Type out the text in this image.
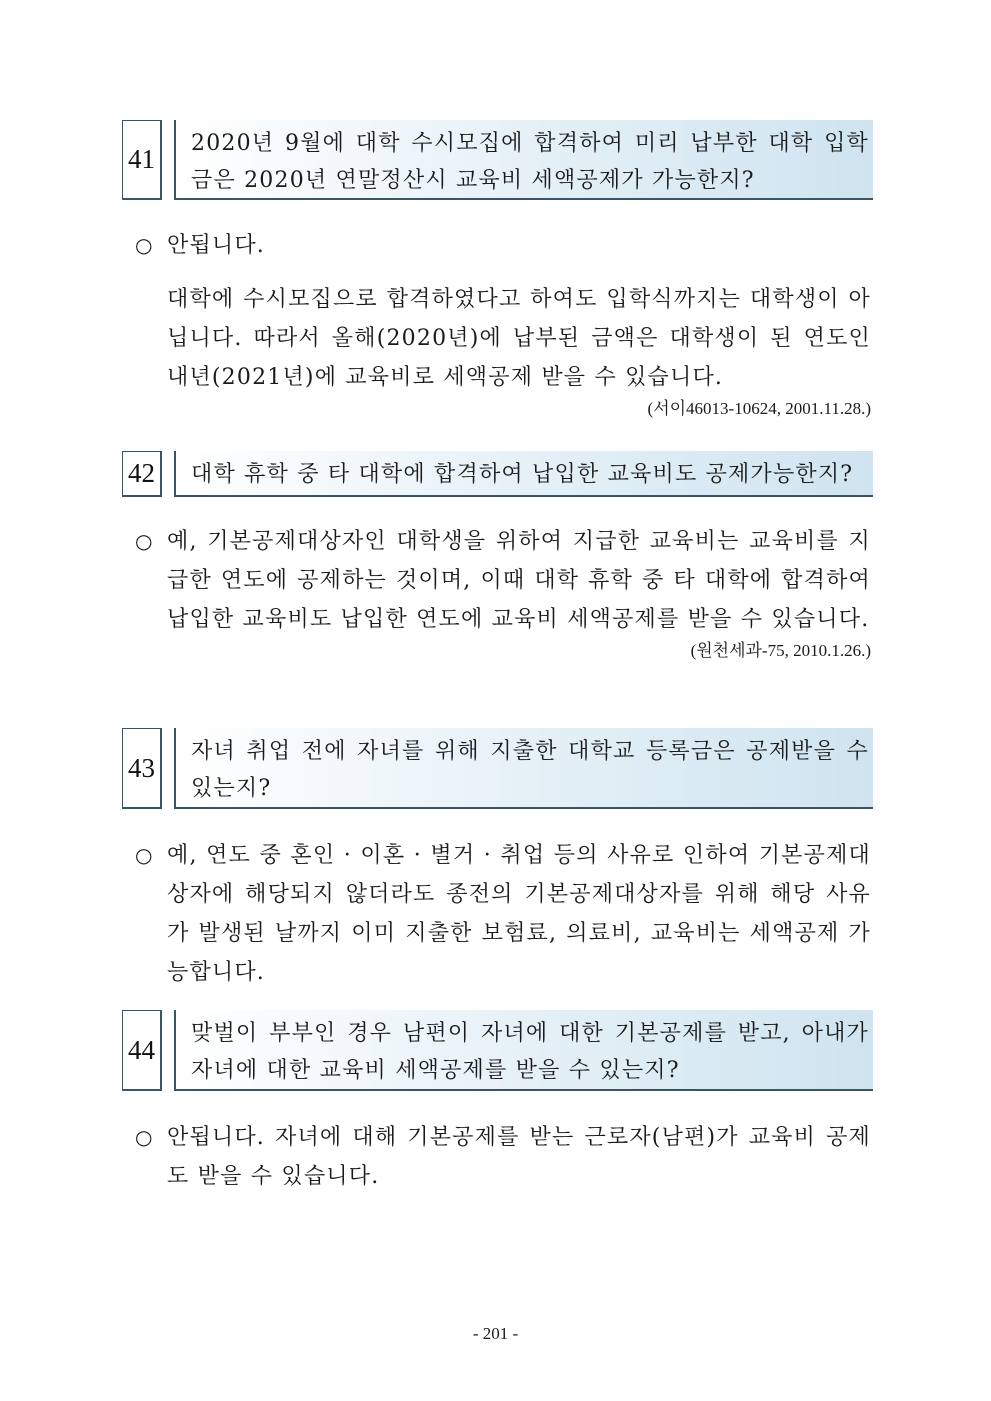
41
2020년 9월에 대학 수시모집에 합격하여 미리 납부한 대학 입학금은 2020년 연말정산시 교육비 세액공제가 가능한지?
○ 안됩니다.
대학에 수시모집으로 합격하였다고 하여도 입학식까지는 대학생이 아닙니다. 따라서 올해(2020년)에 납부된 금액은 대학생이 된 연도인 내년(2021년)에 교육비로 세액공제 받을 수 있습니다.
(서이46013-10624, 2001.11.28.)
42	대학 휴학 중 타 대학에 합격하여 납입한 교육비도 공제가능한지?
○ 예, 기본공제대상자인 대학생을 위하여 지급한 교육비는 교육비를 지급한 연도에 공제하는 것이며, 이때 대학 휴학 중 타 대학에 합격하여 납입한 교육비도 납입한 연도에 교육비 세액공제를 받을 수 있습니다.
(원천세과-75, 2010.1.26.)
43
자녀 취업 전에 자녀를 위해 지출한 대학교 등록금은 공제받을 수 있는지?
○ 예, 연도 중 혼인 · 이혼 · 별거 · 취업 등의 사유로 인하여 기본공제대상자에 해당되지 않더라도 종전의 기본공제대상자를 위해 해당 사유가 발생된 날까지 이미 지출한 보험료, 의료비, 교육비는 세액공제 가능합니다.
44
맞벌이 부부인 경우 남편이 자녀에 대한 기본공제를 받고, 아내가 자녀에 대한 교육비 세액공제를 받을 수 있는지?
○ 안됩니다. 자녀에 대해 기본공제를 받는 근로자(남편)가 교육비 공제도 받을 수 있습니다.
- 201 -
